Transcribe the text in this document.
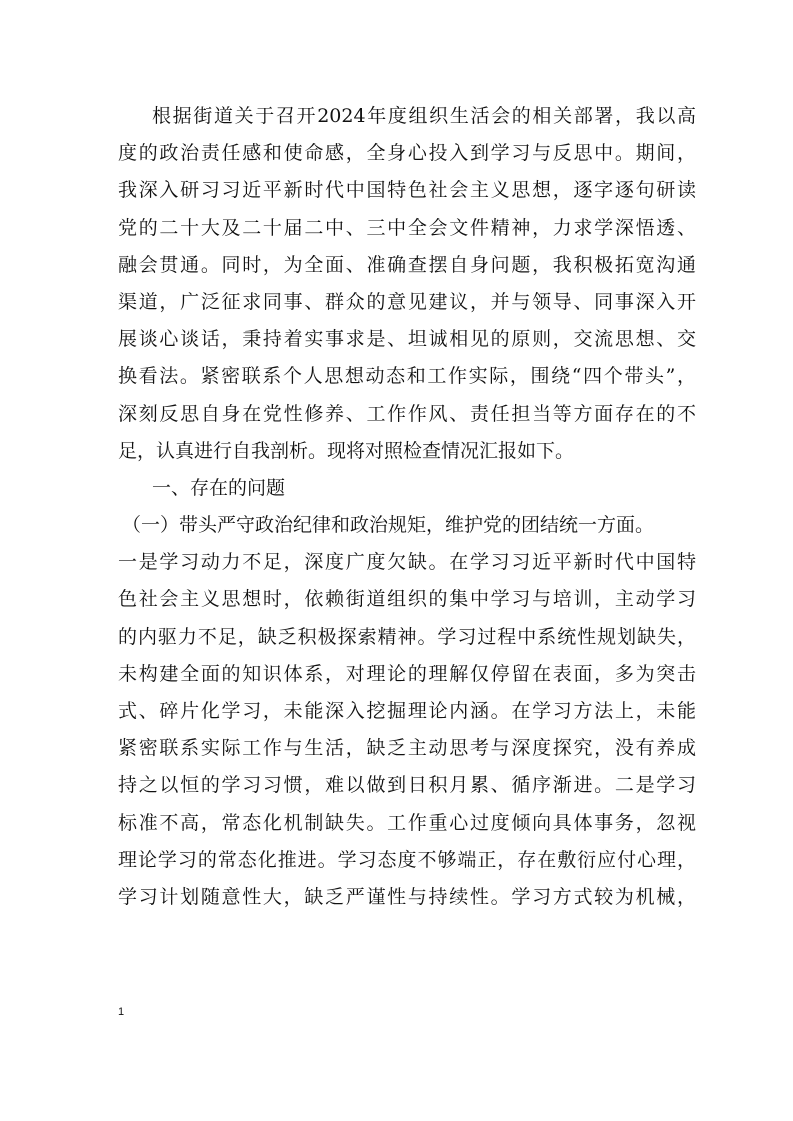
根据街道关于召开2024年度组织生活会的相关部署，我以高
度的政治责任感和使命感，全身心投入到学习与反思中。期间，
我深入研习习近平新时代中国特色社会主义思想，逐字逐句研读
党的二十大及二十届二中、三中全会文件精神，力求学深悟透、
融会贯通。同时，为全面、准确查摆自身问题，我积极拓宽沟通
渠道，广泛征求同事、群众的意见建议，并与领导、同事深入开
展谈心谈话，秉持着实事求是、坦诚相见的原则，交流思想、交
换看法。紧密联系个人思想动态和工作实际，围绕“四个带头”，
深刻反思自身在党性修养、工作作风、责任担当等方面存在的不
足，认真进行自我剖析。现将对照检查情况汇报如下。
一、存在的问题
（一）带头严守政治纪律和政治规矩，维护党的团结统一方面。
一是学习动力不足，深度广度欠缺。在学习习近平新时代中国特
色社会主义思想时，依赖街道组织的集中学习与培训，主动学习
的内驱力不足，缺乏积极探索精神。学习过程中系统性规划缺失，
未构建全面的知识体系，对理论的理解仅停留在表面，多为突击
式、碎片化学习，未能深入挖掘理论内涵。在学习方法上，未能
紧密联系实际工作与生活，缺乏主动思考与深度探究，没有养成
持之以恒的学习习惯，难以做到日积月累、循序渐进。二是学习
标准不高，常态化机制缺失。工作重心过度倾向具体事务，忽视
理论学习的常态化推进。学习态度不够端正，存在敷衍应付心理，
学习计划随意性大，缺乏严谨性与持续性。学习方式较为机械，
1
